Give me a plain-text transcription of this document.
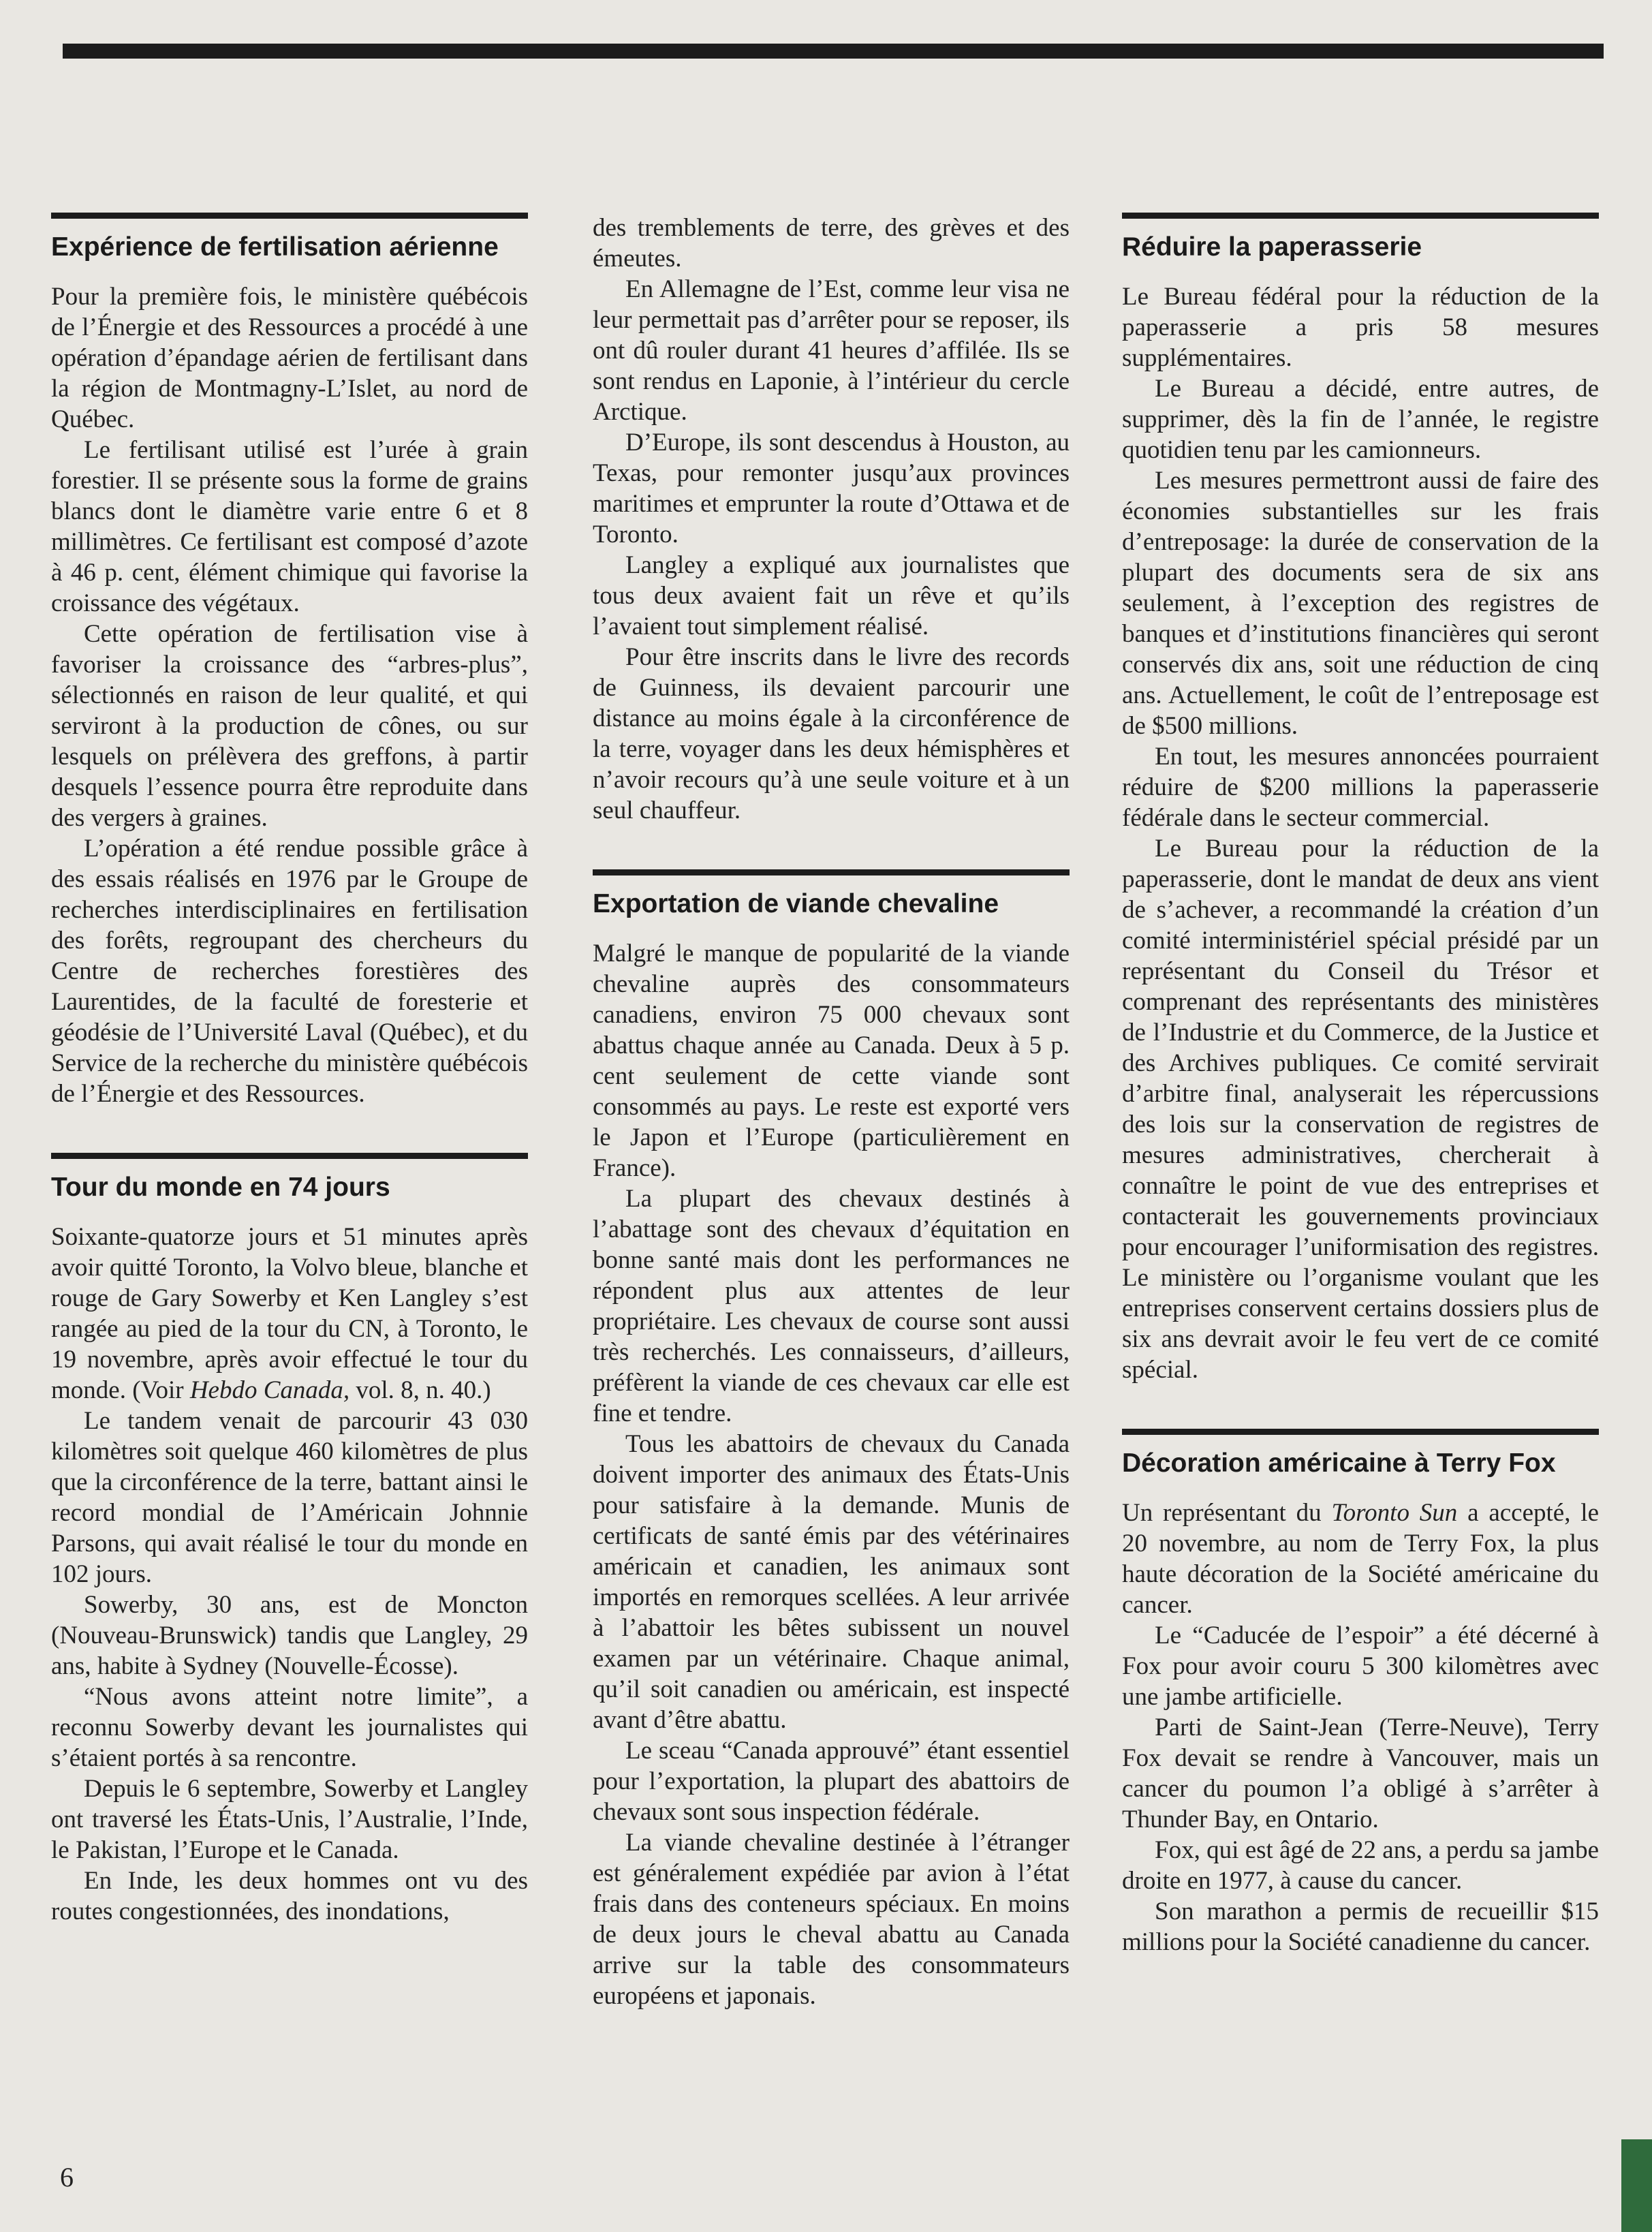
Expérience de fertilisation aérienne

Pour la première fois, le ministère québécois de l’Énergie et des Ressources a procédé à une opération d’épandage aérien de fertilisant dans la région de Montmagny-L’Islet, au nord de Québec.

Le fertilisant utilisé est l’urée à grain forestier. Il se présente sous la forme de grains blancs dont le diamètre varie entre 6 et 8 millimètres. Ce fertilisant est composé d’azote à 46 p. cent, élément chimique qui favorise la croissance des végétaux.

Cette opération de fertilisation vise à favoriser la croissance des “arbres-plus”, sélectionnés en raison de leur qualité, et qui serviront à la production de cônes, ou sur lesquels on prélèvera des greffons, à partir desquels l’essence pourra être reproduite dans des vergers à graines.

L’opération a été rendue possible grâce à des essais réalisés en 1976 par le Groupe de recherches interdisciplinaires en fertilisation des forêts, regroupant des chercheurs du Centre de recherches forestières des Laurentides, de la faculté de foresterie et géodésie de l’Université Laval (Québec), et du Service de la recherche du ministère québécois de l’Énergie et des Ressources.

Tour du monde en 74 jours

Soixante-quatorze jours et 51 minutes après avoir quitté Toronto, la Volvo bleue, blanche et rouge de Gary Sowerby et Ken Langley s’est rangée au pied de la tour du CN, à Toronto, le 19 novembre, après avoir effectué le tour du monde. (Voir Hebdo Canada, vol. 8, n. 40.)

Le tandem venait de parcourir 43 030 kilomètres soit quelque 460 kilomètres de plus que la circonférence de la terre, battant ainsi le record mondial de l’Américain Johnnie Parsons, qui avait réalisé le tour du monde en 102 jours.

Sowerby, 30 ans, est de Moncton (Nouveau-Brunswick) tandis que Langley, 29 ans, habite à Sydney (Nouvelle-Écosse).

“Nous avons atteint notre limite”, a reconnu Sowerby devant les journalistes qui s’étaient portés à sa rencontre.

Depuis le 6 septembre, Sowerby et Langley ont traversé les États-Unis, l’Australie, l’Inde, le Pakistan, l’Europe et le Canada.

En Inde, les deux hommes ont vu des routes congestionnées, des inondations,

des tremblements de terre, des grèves et des émeutes.

En Allemagne de l’Est, comme leur visa ne leur permettait pas d’arrêter pour se reposer, ils ont dû rouler durant 41 heures d’affilée. Ils se sont rendus en Laponie, à l’intérieur du cercle Arctique.

D’Europe, ils sont descendus à Houston, au Texas, pour remonter jusqu’aux provinces maritimes et emprunter la route d’Ottawa et de Toronto.

Langley a expliqué aux journalistes que tous deux avaient fait un rêve et qu’ils l’avaient tout simplement réalisé.

Pour être inscrits dans le livre des records de Guinness, ils devaient parcourir une distance au moins égale à la circonférence de la terre, voyager dans les deux hémisphères et n’avoir recours qu’à une seule voiture et à un seul chauffeur.

Exportation de viande chevaline

Malgré le manque de popularité de la viande chevaline auprès des consommateurs canadiens, environ 75 000 chevaux sont abattus chaque année au Canada. Deux à 5 p. cent seulement de cette viande sont consommés au pays. Le reste est exporté vers le Japon et l’Europe (particulièrement en France).

La plupart des chevaux destinés à l’abattage sont des chevaux d’équitation en bonne santé mais dont les performances ne répondent plus aux attentes de leur propriétaire. Les chevaux de course sont aussi très recherchés. Les connaisseurs, d’ailleurs, préfèrent la viande de ces chevaux car elle est fine et tendre.

Tous les abattoirs de chevaux du Canada doivent importer des animaux des États-Unis pour satisfaire à la demande. Munis de certificats de santé émis par des vétérinaires américain et canadien, les animaux sont importés en remorques scellées. A leur arrivée à l’abattoir les bêtes subissent un nouvel examen par un vétérinaire. Chaque animal, qu’il soit canadien ou américain, est inspecté avant d’être abattu.

Le sceau “Canada approuvé” étant essentiel pour l’exportation, la plupart des abattoirs de chevaux sont sous inspection fédérale.

La viande chevaline destinée à l’étranger est généralement expédiée par avion à l’état frais dans des conteneurs spéciaux. En moins de deux jours le cheval abattu au Canada arrive sur la table des consommateurs européens et japonais.

Réduire la paperasserie

Le Bureau fédéral pour la réduction de la paperasserie a pris 58 mesures supplémentaires.

Le Bureau a décidé, entre autres, de supprimer, dès la fin de l’année, le registre quotidien tenu par les camionneurs.

Les mesures permettront aussi de faire des économies substantielles sur les frais d’entreposage: la durée de conservation de la plupart des documents sera de six ans seulement, à l’exception des registres de banques et d’institutions financières qui seront conservés dix ans, soit une réduction de cinq ans. Actuellement, le coût de l’entreposage est de $500 millions.

En tout, les mesures annoncées pourraient réduire de $200 millions la paperasserie fédérale dans le secteur commercial.

Le Bureau pour la réduction de la paperasserie, dont le mandat de deux ans vient de s’achever, a recommandé la création d’un comité interministériel spécial présidé par un représentant du Conseil du Trésor et comprenant des représentants des ministères de l’Industrie et du Commerce, de la Justice et des Archives publiques. Ce comité servirait d’arbitre final, analyserait les répercussions des lois sur la conservation de registres de mesures administratives, chercherait à connaître le point de vue des entreprises et contacterait les gouvernements provinciaux pour encourager l’uniformisation des registres. Le ministère ou l’organisme voulant que les entreprises conservent certains dossiers plus de six ans devrait avoir le feu vert de ce comité spécial.

Décoration américaine à Terry Fox

Un représentant du Toronto Sun a accepté, le 20 novembre, au nom de Terry Fox, la plus haute décoration de la Société américaine du cancer.

Le “Caducée de l’espoir” a été décerné à Fox pour avoir couru 5 300 kilomètres avec une jambe artificielle.

Parti de Saint-Jean (Terre-Neuve), Terry Fox devait se rendre à Vancouver, mais un cancer du poumon l’a obligé à s’arrêter à Thunder Bay, en Ontario.

Fox, qui est âgé de 22 ans, a perdu sa jambe droite en 1977, à cause du cancer.

Son marathon a permis de recueillir $15 millions pour la Société canadienne du cancer.

6
